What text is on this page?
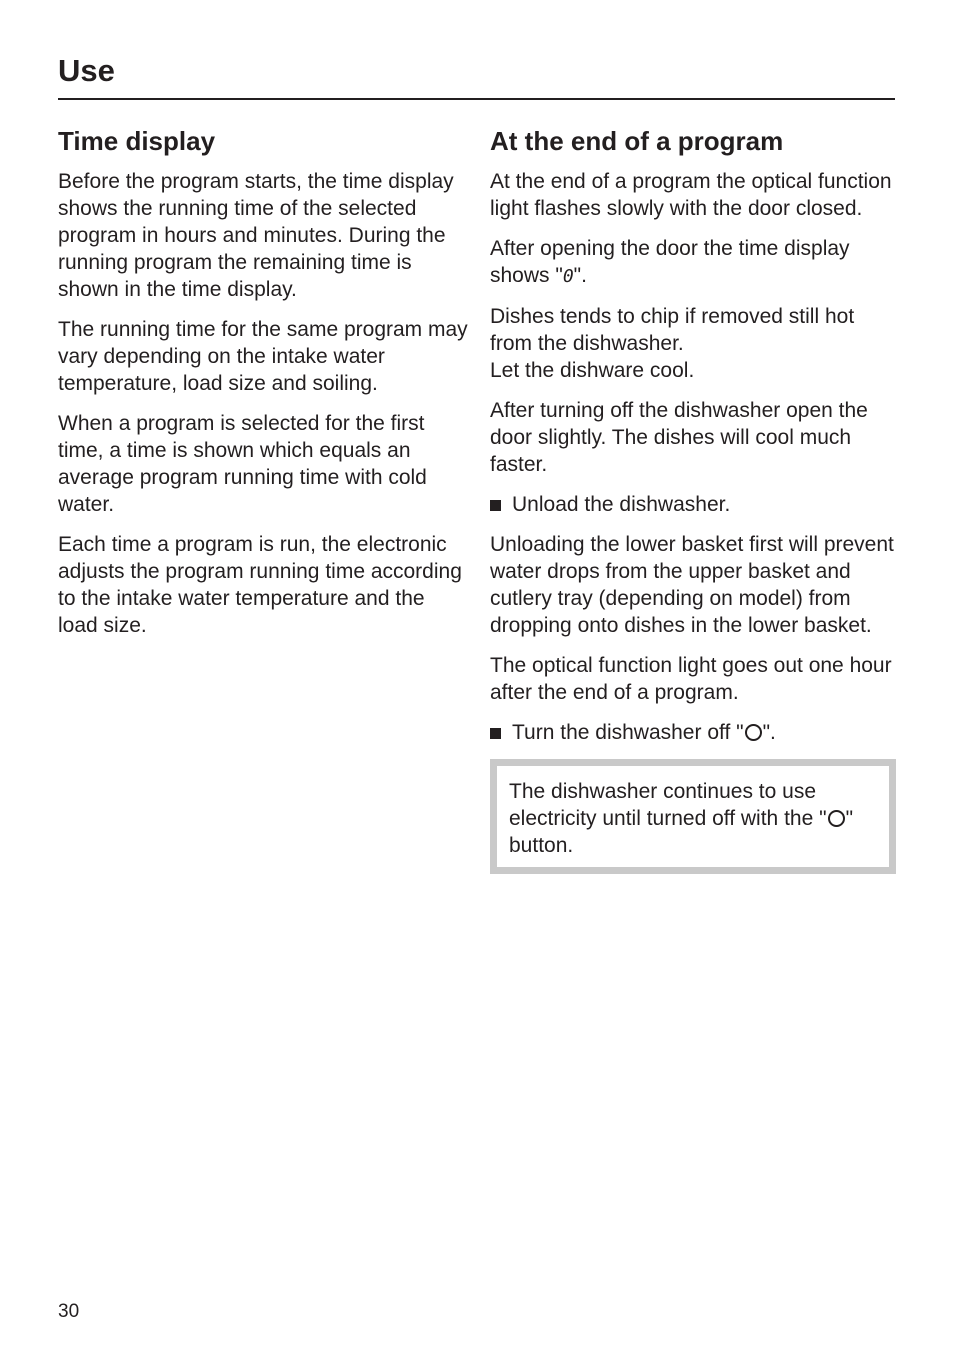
Use
Time display

Before the program starts, the time display shows the running time of the selected program in hours and minutes. During the running program the remaining time is shown in the time display.

The running time for the same program may vary depending on the intake water temperature, load size and soiling.

When a program is selected for the first time, a time is shown which equals an average program running time with cold water.

Each time a program is run, the electronic adjusts the program running time according to the intake water temperature and the load size.

At the end of a program

At the end of a program the optical function light flashes slowly with the door closed.

After opening the door the time display shows "0".

Dishes tends to chip if removed still hot from the dishwasher.
Let the dishware cool.

After turning off the dishwasher open the door slightly. The dishes will cool much faster.

Unload the dishwasher.

Unloading the lower basket first will prevent water drops from the upper basket and cutlery tray (depending on model) from dropping onto dishes in the lower basket.

The optical function light goes out one hour after the end of a program.

Turn the dishwasher off " ".

The dishwasher continues to use electricity until turned off with the " " button.

30
